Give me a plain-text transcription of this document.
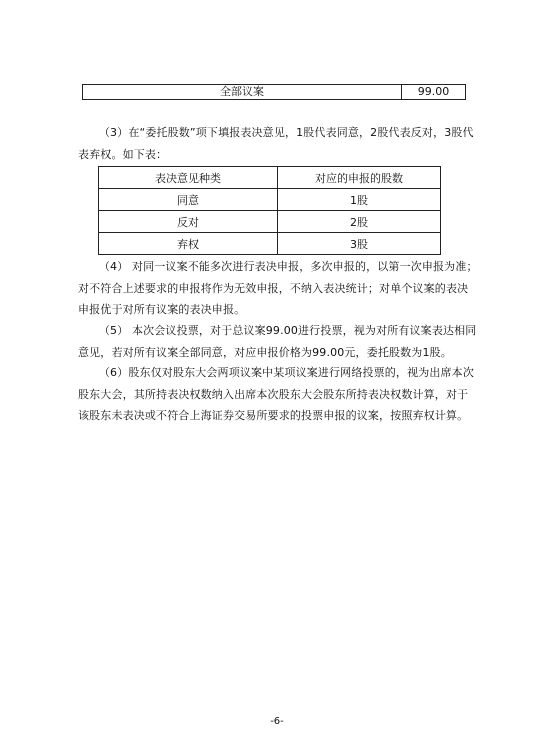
全部议案	99.00

（3）在“委托股数”项下填报表决意见，1股代表同意，2股代表反对，3股代表弃权。如下表：

表决意见种类	对应的申报的股数
同意	1股
反对	2股
弃权	3股

（4） 对同一议案不能多次进行表决申报，多次申报的，以第一次申报为准；对不符合上述要求的申报将作为无效申报，不纳入表决统计；对单个议案的表决申报优于对所有议案的表决申报。

（5） 本次会议投票，对于总议案99.00进行投票，视为对所有议案表达相同意见，若对所有议案全部同意，对应申报价格为99.00元，委托股数为1股。

（6）股东仅对股东大会两项议案中某项议案进行网络投票的，视为出席本次股东大会，其所持表决权数纳入出席本次股东大会股东所持表决权数计算，对于该股东未表决或不符合上海证券交易所要求的投票申报的议案，按照弃权计算。

-6-
